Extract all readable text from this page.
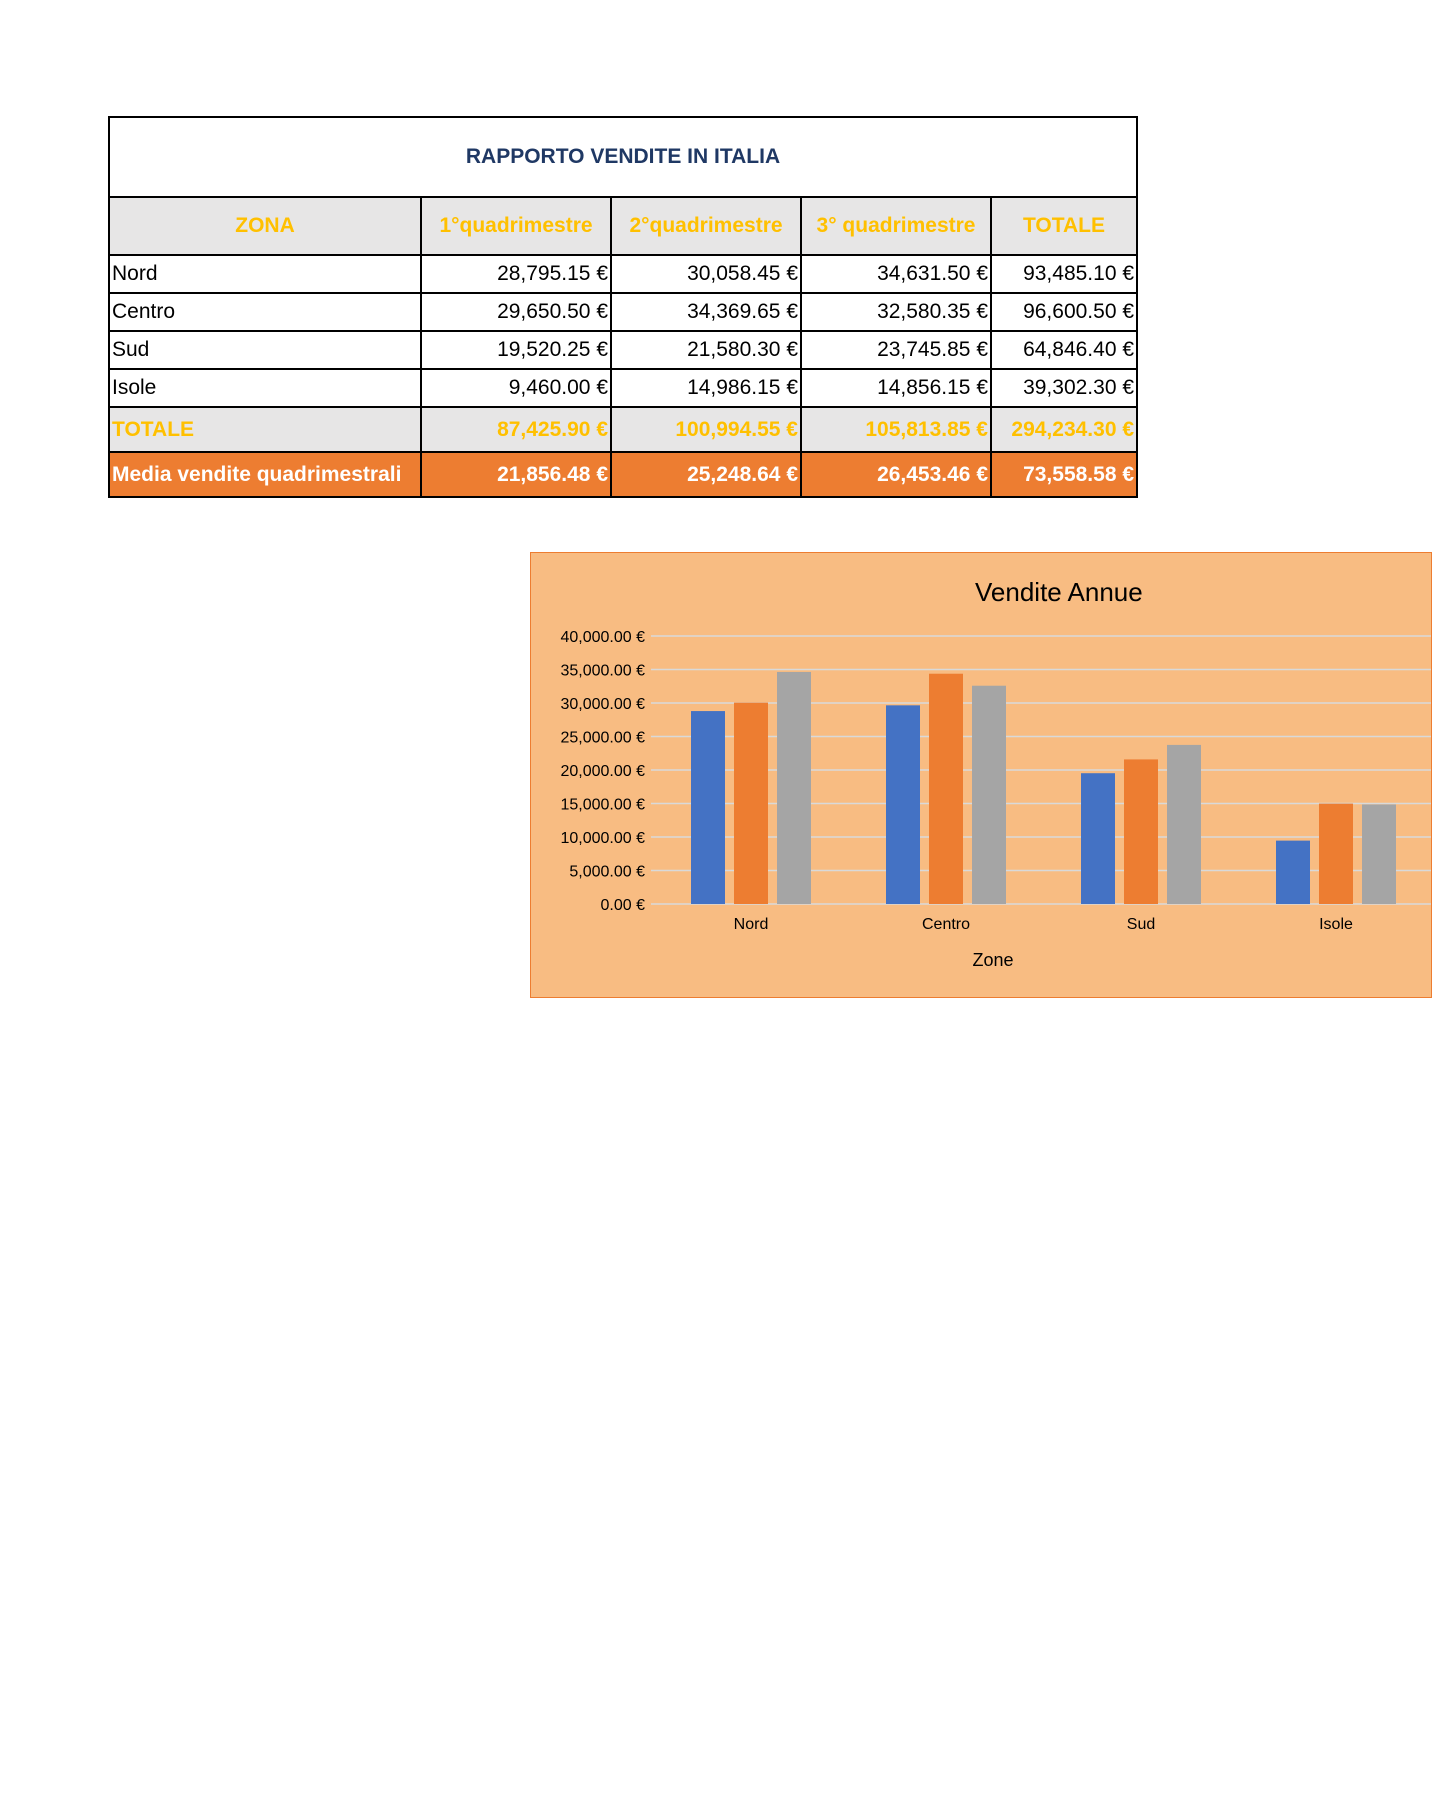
RAPPORTO VENDITE IN ITALIA				
ZONA	1°quadrimestre	2°quadrimestre	3° quadrimestre	TOTALE
Nord	28,795.15 €	30,058.45 €	34,631.50 €	93,485.10 €
Centro	29,650.50 €	34,369.65 €	32,580.35 €	96,600.50 €
Sud	19,520.25 €	21,580.30 €	23,745.85 €	64,846.40 €
Isole	9,460.00 €	14,986.15 €	14,856.15 €	39,302.30 €
TOTALE	87,425.90 €	100,994.55 €	105,813.85 €	294,234.30 €
Media vendite quadrimestrali	21,856.48 €	25,248.64 €	26,453.46 €	73,558.58 €
Vendite Annue
0.00 €
5,000.00 €
10,000.00 €
15,000.00 €
20,000.00 €
25,000.00 €
30,000.00 €
35,000.00 €
40,000.00 €
Nord	Centro	Sud	Isole
Zone
